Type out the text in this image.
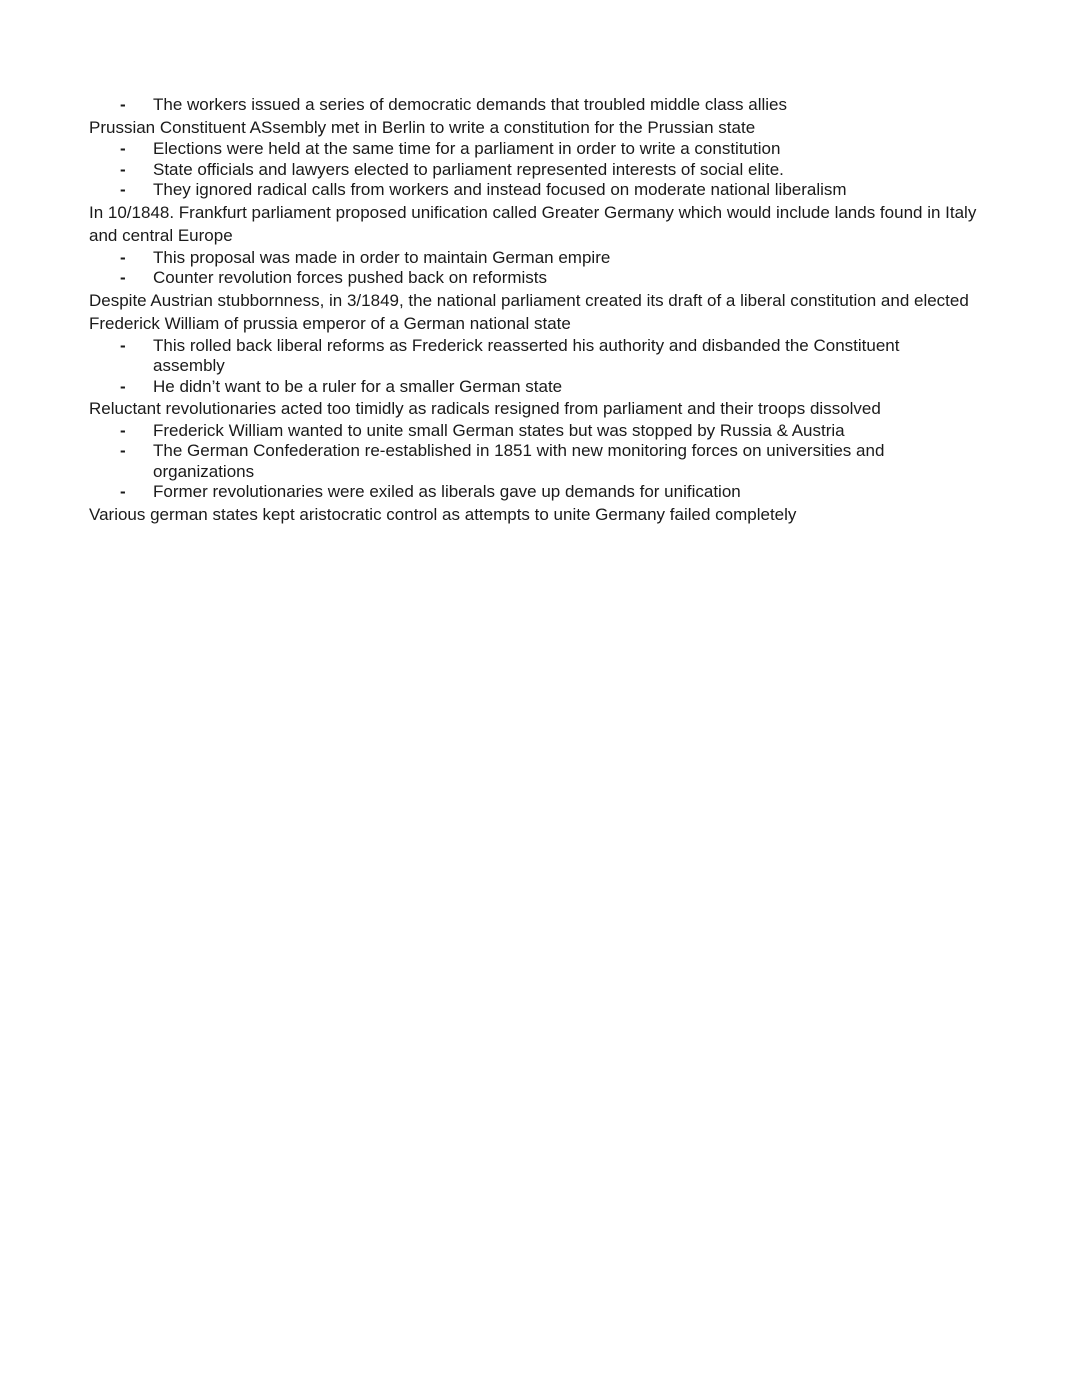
- The workers issued a series of democratic demands that troubled middle class allies

Prussian Constituent ASsembly met in Berlin to write a constitution for the Prussian state

- Elections were held at the same time for a parliament in order to write a constitution
- State officials and lawyers elected to parliament represented interests of social elite.
- They ignored radical calls from workers and instead focused on moderate national liberalism

In 10/1848. Frankfurt parliament proposed unification called Greater Germany which would include lands found in Italy and central Europe

- This proposal was made in order to maintain German empire
- Counter revolution forces pushed back on reformists

Despite Austrian stubbornness, in 3/1849, the national parliament created its draft of a liberal constitution and elected Frederick William of prussia emperor of a German national state

- This rolled back liberal reforms as Frederick reasserted his authority and disbanded the Constituent assembly
- He didn’t want to be a ruler for a smaller German state

Reluctant revolutionaries acted too timidly as radicals resigned from parliament and their troops dissolved

- Frederick William wanted to unite small German states but was stopped by Russia & Austria
- The German Confederation re-established in 1851 with new monitoring forces on universities and organizations
- Former revolutionaries were exiled as liberals gave up demands for unification

Various german states kept aristocratic control as attempts to unite Germany failed completely
